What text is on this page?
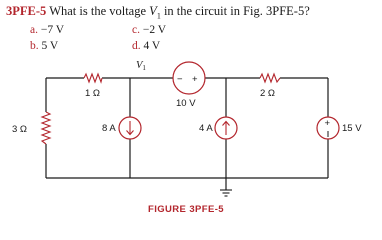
3PFE-5 What is the voltage $V_1$ in the circuit in Fig. 3PFE-5?
a. −7 V	c. −2 V
b. 5 V	d. 4 V
− +
+
V1
1 Ω	2 Ω
3 Ω
10 V
8 A	4 A	15 V
FIGURE 3PFE-5
